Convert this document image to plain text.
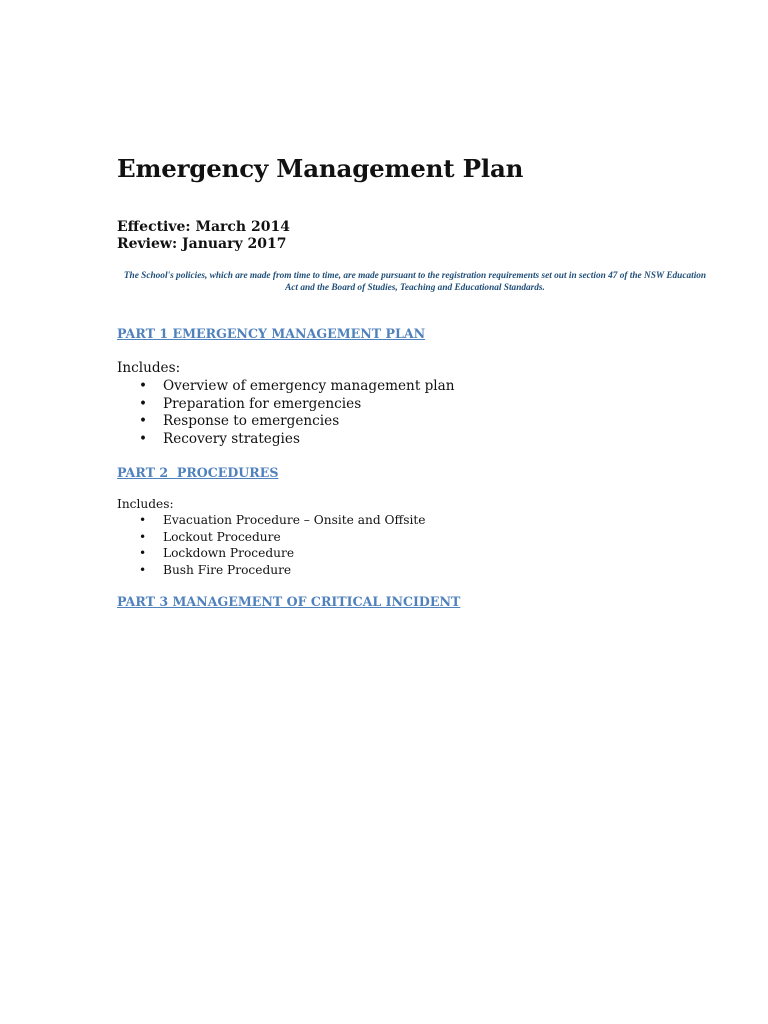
Emergency Management Plan
Effective: March 2014
Review: January 2017
The School's policies, which are made from time to time, are made pursuant to the registration requirements set out in section 47 of the NSW Education Act and the Board of Studies, Teaching and Educational Standards.
PART 1 EMERGENCY MANAGEMENT PLAN
Includes:
• Overview of emergency management plan
• Preparation for emergencies
• Response to emergencies
• Recovery strategies
PART 2  PROCEDURES
Includes:
• Evacuation Procedure – Onsite and Offsite
• Lockout Procedure
• Lockdown Procedure
• Bush Fire Procedure
PART 3 MANAGEMENT OF CRITICAL INCIDENT
